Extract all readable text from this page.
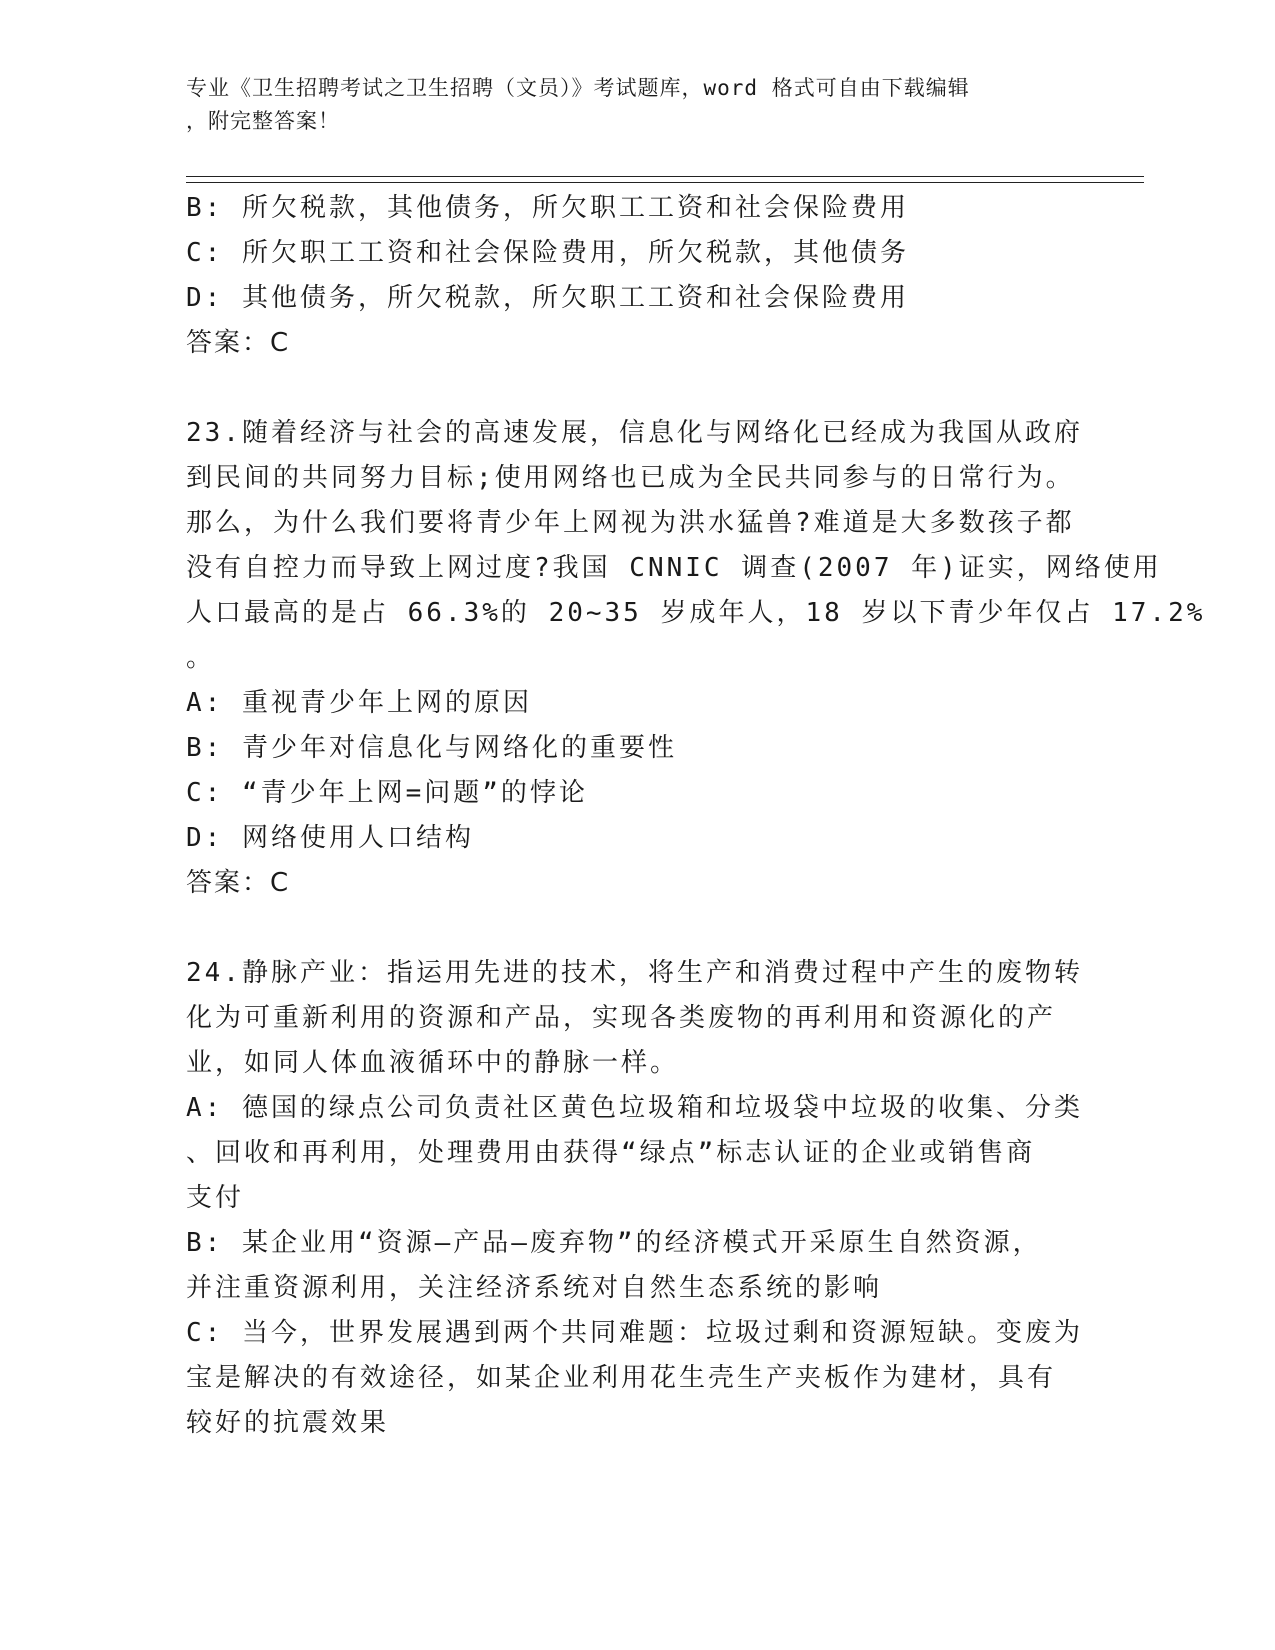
专业《卫生招聘考试之卫生招聘（文员）》考试题库，word 格式可自由下载编辑
，附完整答案！
B: 所欠税款，其他债务，所欠职工工资和社会保险费用
C: 所欠职工工资和社会保险费用，所欠税款，其他债务
D: 其他债务，所欠税款，所欠职工工资和社会保险费用
答案：C
23.随着经济与社会的高速发展，信息化与网络化已经成为我国从政府
到民间的共同努力目标;使用网络也已成为全民共同参与的日常行为。
那么，为什么我们要将青少年上网视为洪水猛兽?难道是大多数孩子都
没有自控力而导致上网过度?我国 CNNIC 调查(2007 年)证实，网络使用
人口最高的是占 66.3%的 20~35 岁成年人，18 岁以下青少年仅占 17.2%
。
A: 重视青少年上网的原因
B: 青少年对信息化与网络化的重要性
C: “青少年上网=问题”的悖论
D: 网络使用人口结构
答案：C
24.静脉产业：指运用先进的技术，将生产和消费过程中产生的废物转
化为可重新利用的资源和产品，实现各类废物的再利用和资源化的产
业，如同人体血液循环中的静脉一样。
A: 德国的绿点公司负责社区黄色垃圾箱和垃圾袋中垃圾的收集、分类
、回收和再利用，处理费用由获得“绿点”标志认证的企业或销售商
支付
B: 某企业用“资源—产品—废弃物”的经济模式开采原生自然资源，
并注重资源利用，关注经济系统对自然生态系统的影响
C: 当今，世界发展遇到两个共同难题：垃圾过剩和资源短缺。变废为
宝是解决的有效途径，如某企业利用花生壳生产夹板作为建材，具有
较好的抗震效果
